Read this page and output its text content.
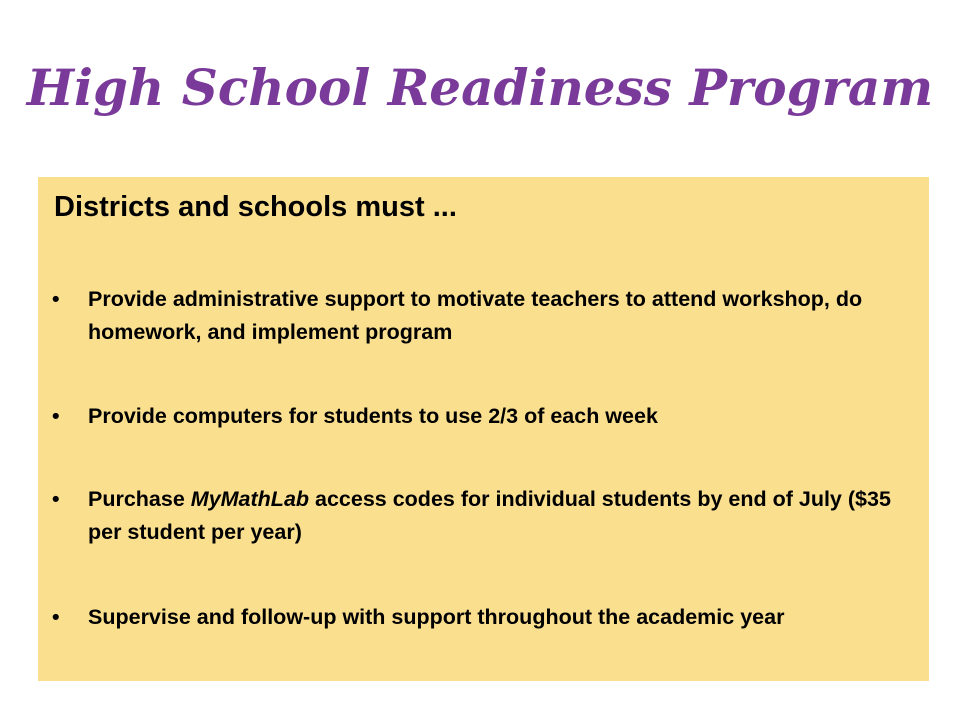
High School Readiness Program
Districts and schools must ...
•	Provide administrative support to motivate teachers to attend workshop, do homework, and implement program
•	Provide computers for students to use 2/3 of each week
•	Purchase MyMathLab access codes for individual students by end of July ($35 per student per year)
•	Supervise and follow-up with support throughout the academic year
